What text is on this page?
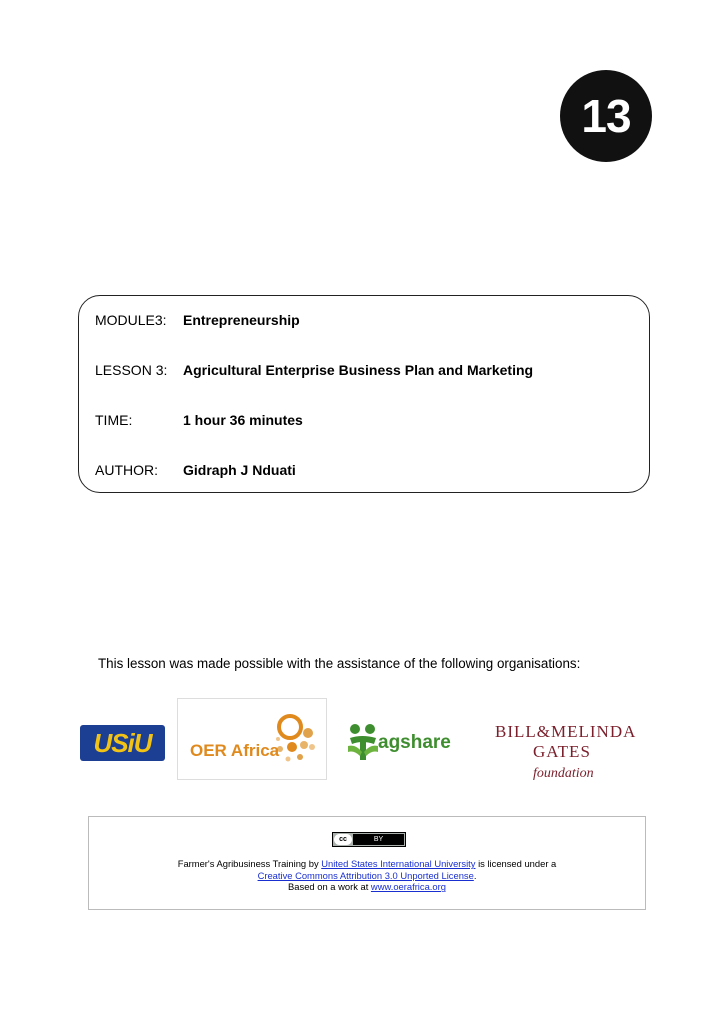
13
MODULE3: Entrepreneurship
LESSON 3: Agricultural Enterprise Business Plan and Marketing
TIME:	1 hour 36 minutes
AUTHOR: Gidraph J Nduati
This lesson was made possible with the assistance of the following organisations:
USiU OER Africa	agshare
BILL&MELINDA
GATES foundation
cc	BY
Farmer's Agribusiness Training by United States International University is licensed under a
Creative Commons Attribution 3.0 Unported License.
Based on a work at www.oerafrica.org
